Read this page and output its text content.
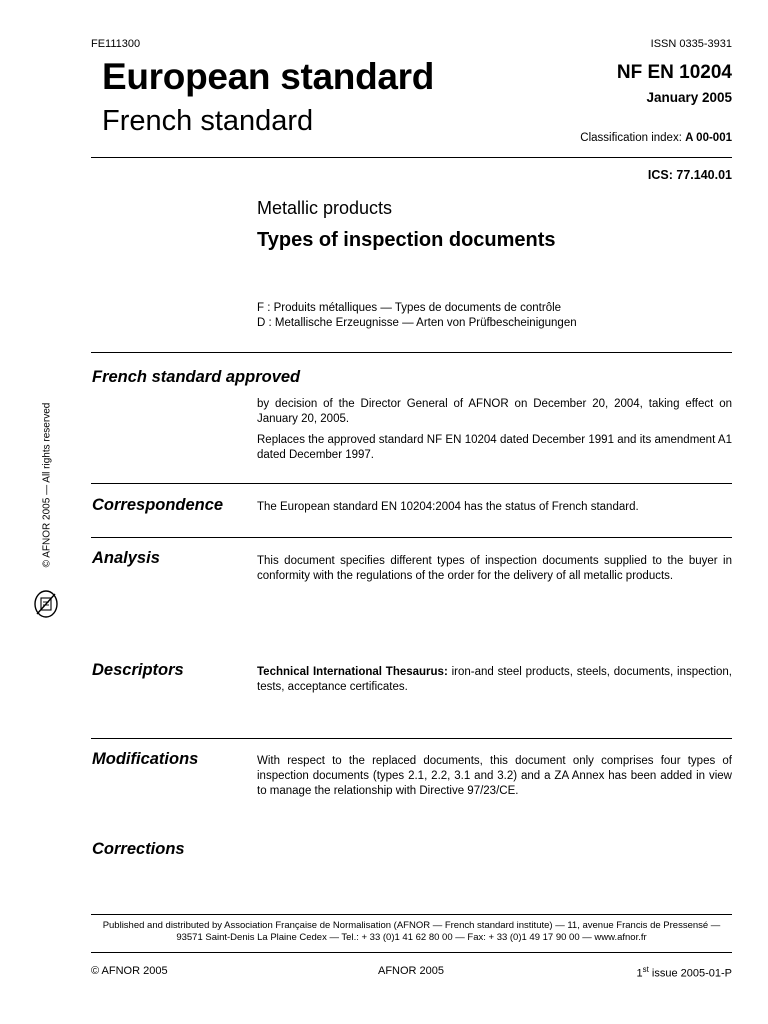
FE111300	ISSN 0335-3931
European standard
French standard
NF EN 10204
January 2005
Classification index: A 00-001
ICS: 77.140.01
Metallic products
Types of inspection documents
F : Produits métalliques — Types de documents de contrôle
D : Metallische Erzeugnisse — Arten von Prüfbescheinigungen
French standard approved

by decision of the Director General of AFNOR on December 20, 2004, taking effect on January 20, 2005.

Replaces the approved standard NF EN 10204 dated December 1991 and its amendment A1 dated December 1997.

Correspondence	The European standard EN 10204:2004 has the status of French standard.
Analysis	This document specifies different types of inspection documents supplied to the buyer in conformity with the regulations of the order for the delivery of all metallic products.
Descriptors	Technical International Thesaurus: iron-and steel products, steels, documents, inspection, tests, acceptance certificates.
Modifications	With respect to the replaced documents, this document only comprises four types of inspection documents (types 2.1, 2.2, 3.1 and 3.2) and a ZA Annex has been added in view to manage the relationship with Directive 97/23/CE.
Corrections
© AFNOR 2005 — All rights reserved
Published and distributed by Association Française de Normalisation (AFNOR — French standard institute) — 11, avenue Francis de Pressensé —
93571 Saint-Denis La Plaine Cedex — Tel.: + 33 (0)1 41 62 80 00 — Fax: + 33 (0)1 49 17 90 00 — www.afnor.fr
© AFNOR 2005	AFNOR 2005	1st issue 2005-01-P
